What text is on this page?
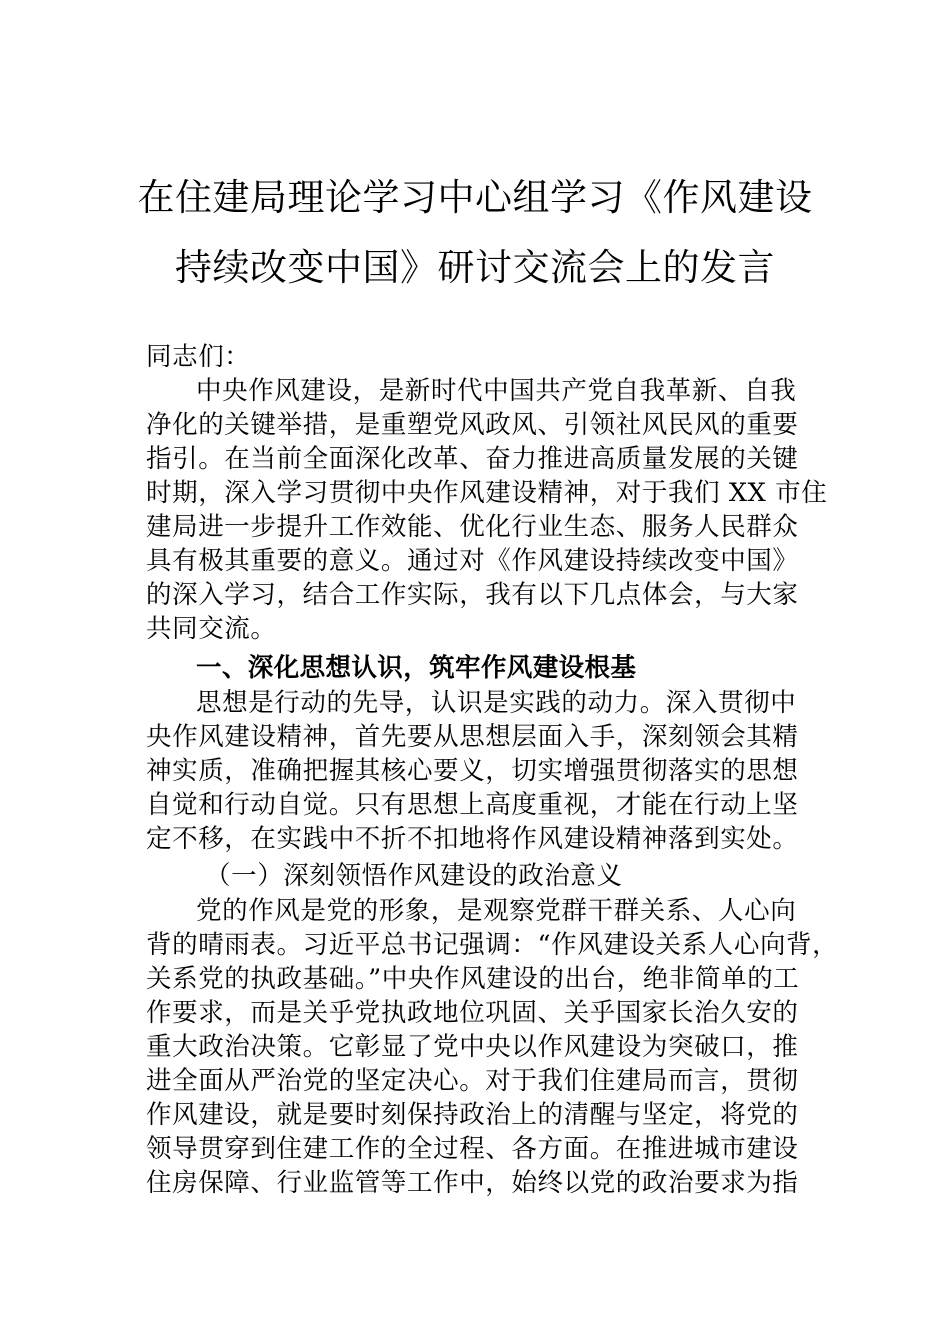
在住建局理论学习中心组学习《作风建设
持续改变中国》研讨交流会上的发言
同志们：
中央作风建设，是新时代中国共产党自我革新、自我
净化的关键举措，是重塑党风政风、引领社风民风的重要
指引。在当前全面深化改革、奋力推进高质量发展的关键
时期，深入学习贯彻中央作风建设精神，对于我们 XX 市住
建局进一步提升工作效能、优化行业生态、服务人民群众
具有极其重要的意义。通过对《作风建设持续改变中国》
的深入学习，结合工作实际，我有以下几点体会，与大家
共同交流。
一、深化思想认识，筑牢作风建设根基
思想是行动的先导，认识是实践的动力。深入贯彻中
央作风建设精神，首先要从思想层面入手，深刻领会其精
神实质，准确把握其核心要义，切实增强贯彻落实的思想
自觉和行动自觉。只有思想上高度重视，才能在行动上坚
定不移，在实践中不折不扣地将作风建设精神落到实处。
（一）深刻领悟作风建设的政治意义
党的作风是党的形象，是观察党群干群关系、人心向
背的晴雨表。习近平总书记强调：“作风建设关系人心向背，
关系党的执政基础。”中央作风建设的出台，绝非简单的工
作要求，而是关乎党执政地位巩固、关乎国家长治久安的
重大政治决策。它彰显了党中央以作风建设为突破口，推
进全面从严治党的坚定决心。对于我们住建局而言，贯彻
作风建设，就是要时刻保持政治上的清醒与坚定，将党的
领导贯穿到住建工作的全过程、各方面。在推进城市建设
住房保障、行业监管等工作中，始终以党的政治要求为指
